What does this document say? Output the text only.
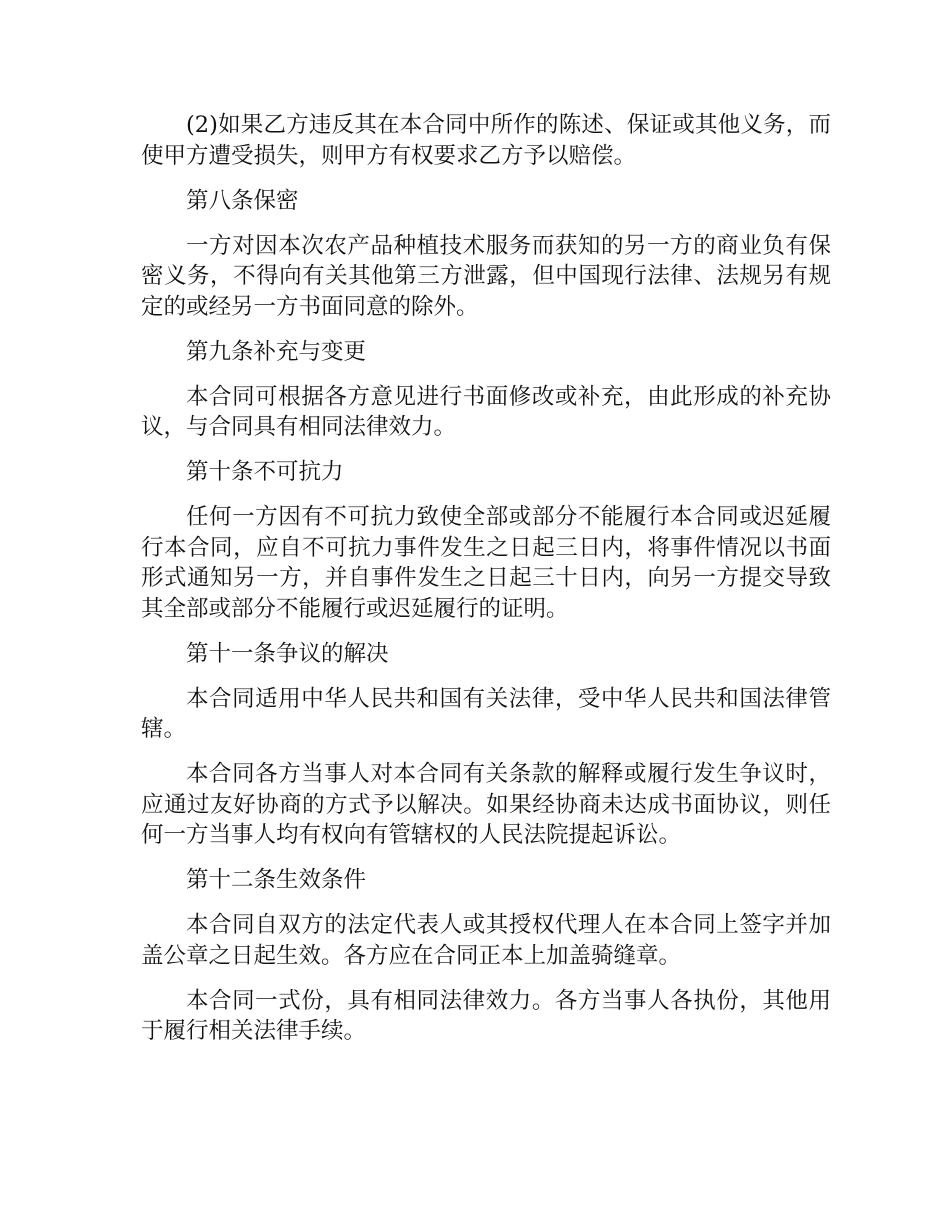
(2)如果乙方违反其在本合同中所作的陈述、保证或其他义务，而使甲方遭受损失，则甲方有权要求乙方予以赔偿。

第八条保密

一方对因本次农产品种植技术服务而获知的另一方的商业负有保密义务，不得向有关其他第三方泄露，但中国现行法律、法规另有规定的或经另一方书面同意的除外。

第九条补充与变更

本合同可根据各方意见进行书面修改或补充，由此形成的补充协议，与合同具有相同法律效力。

第十条不可抗力

任何一方因有不可抗力致使全部或部分不能履行本合同或迟延履行本合同，应自不可抗力事件发生之日起三日内，将事件情况以书面形式通知另一方，并自事件发生之日起三十日内，向另一方提交导致其全部或部分不能履行或迟延履行的证明。

第十一条争议的解决

本合同适用中华人民共和国有关法律，受中华人民共和国法律管辖。

本合同各方当事人对本合同有关条款的解释或履行发生争议时，应通过友好协商的方式予以解决。如果经协商未达成书面协议，则任何一方当事人均有权向有管辖权的人民法院提起诉讼。

第十二条生效条件

本合同自双方的法定代表人或其授权代理人在本合同上签字并加盖公章之日起生效。各方应在合同正本上加盖骑缝章。

本合同一式份，具有相同法律效力。各方当事人各执份，其他用于履行相关法律手续。
